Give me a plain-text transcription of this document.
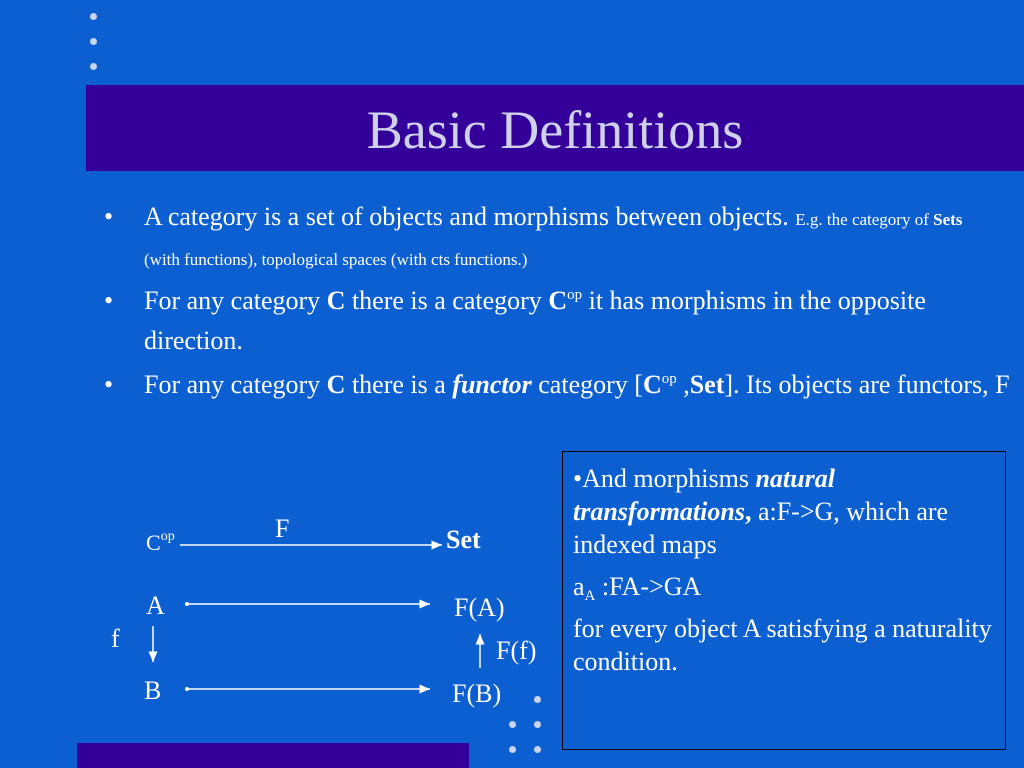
Basic Definitions
• A category is a set of objects and morphisms between objects. E.g. the category of Sets (with functions), topological spaces (with cts functions.)
• For any category C there is a category $C^{op}$ it has morphisms in the opposite direction.
• For any category C there is a functor category [$C^{op}$ ,Set]. Its objects are functors, F
$C^{op}$	F	Set
A
B
F(A)
F(B)
f	F(f)

•And morphisms natural transformations, a:F->G, which are indexed maps

$a_A$ :FA->GA

for every object A satisfying a naturality condition.
